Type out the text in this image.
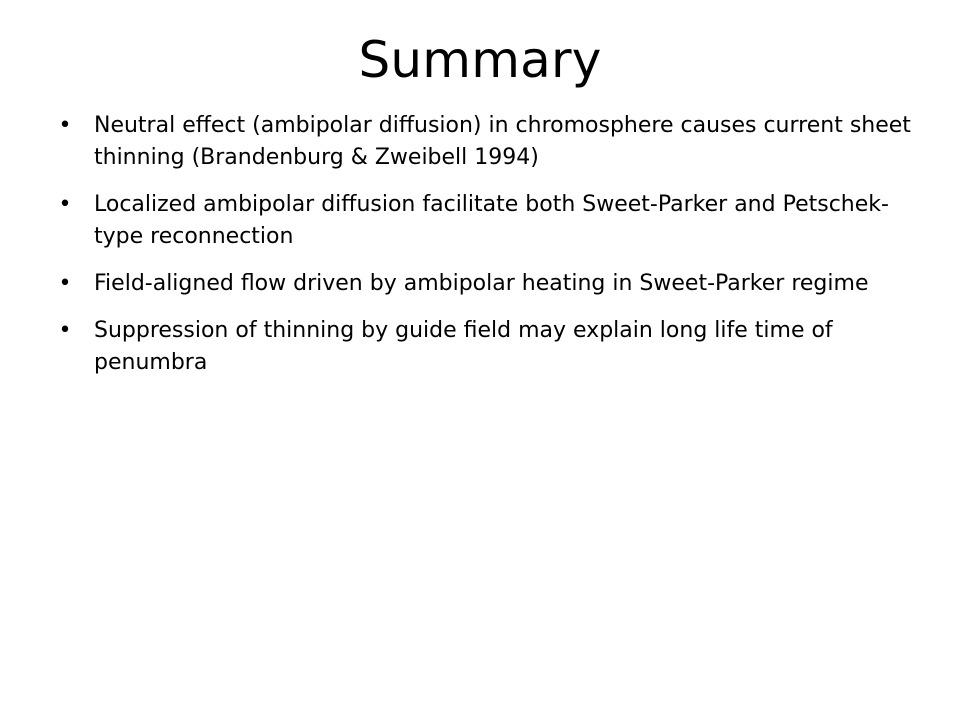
Summary
• Neutral effect (ambipolar diffusion) in chromosphere causes current sheet thinning (Brandenburg & Zweibell 1994)
• Localized ambipolar diffusion facilitate both Sweet-Parker and Petschek-type reconnection
• Field-aligned flow driven by ambipolar heating in Sweet-Parker regime
• Suppression of thinning by guide field may explain long life time of penumbra
